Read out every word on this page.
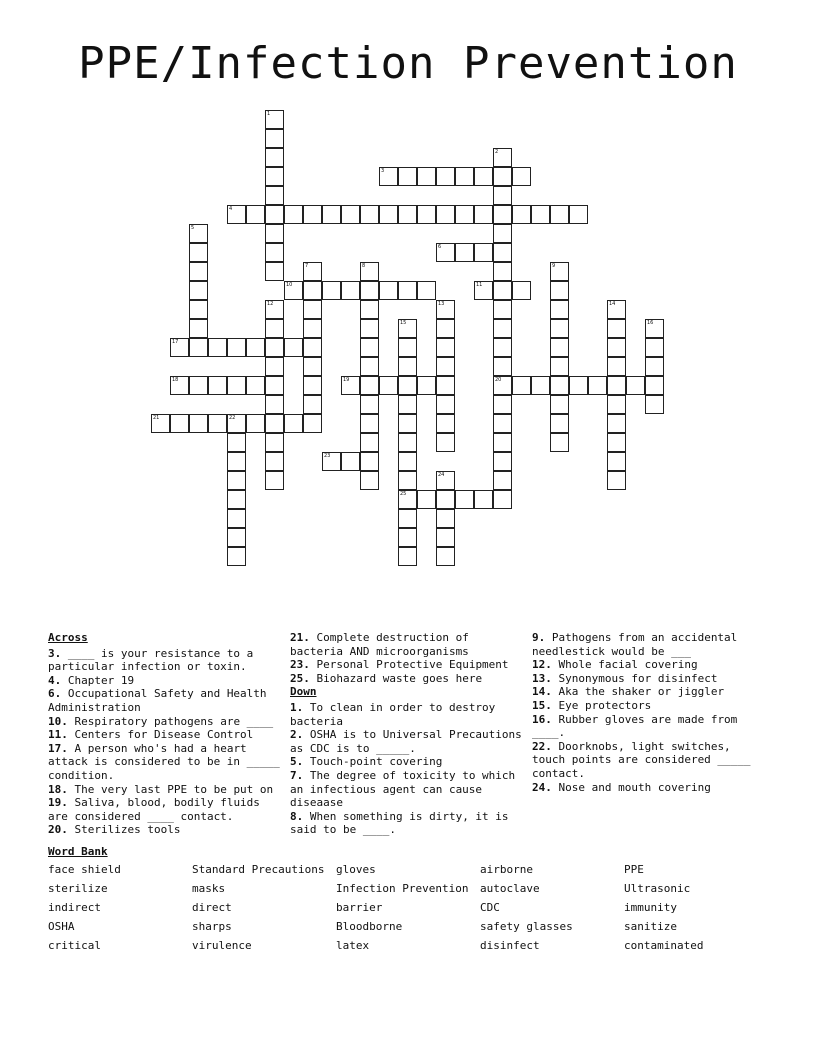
PPE/Infection Prevention
1
2
20
3
4
5
6
7	8	9
10	11
12	13	14
15
25
16
17
18	19
21	22
23
24
Across
3. ____ is your resistance to a particular infection or toxin.
4. Chapter 19
6. Occupational Safety and Health Administration
10. Respiratory pathogens are ____
11. Centers for Disease Control
17. A person who's had a heart attack is considered to be in _____ condition.
18. The very last PPE to be put on
19. Saliva, blood, bodily fluids are considered ____ contact.
20. Sterilizes tools
21. Complete destruction of bacteria AND microorganisms
23. Personal Protective Equipment
25. Biohazard waste goes here
Down
1. To clean in order to destroy bacteria
2. OSHA is to Universal Precautions as CDC is to _____.
5. Touch-point covering
7. The degree of toxicity to which an infectious agent can cause diseaase
8. When something is dirty, it is said to be ____.
9. Pathogens from an accidental needlestick would be ___
12. Whole facial covering
13. Synonymous for disinfect
14. Aka the shaker or jiggler
15. Eye protectors
16. Rubber gloves are made from ____.
22. Doorknobs, light switches, touch points are considered _____ contact.
24. Nose and mouth covering
Word Bank
face shield	Standard Precautions	gloves	airborne	PPE
sterilize	masks	Infection Prevention	autoclave	Ultrasonic
indirect	direct	barrier	CDC	immunity
OSHA	sharps	Bloodborne	safety glasses	sanitize
critical	virulence	latex	disinfect	contaminated
